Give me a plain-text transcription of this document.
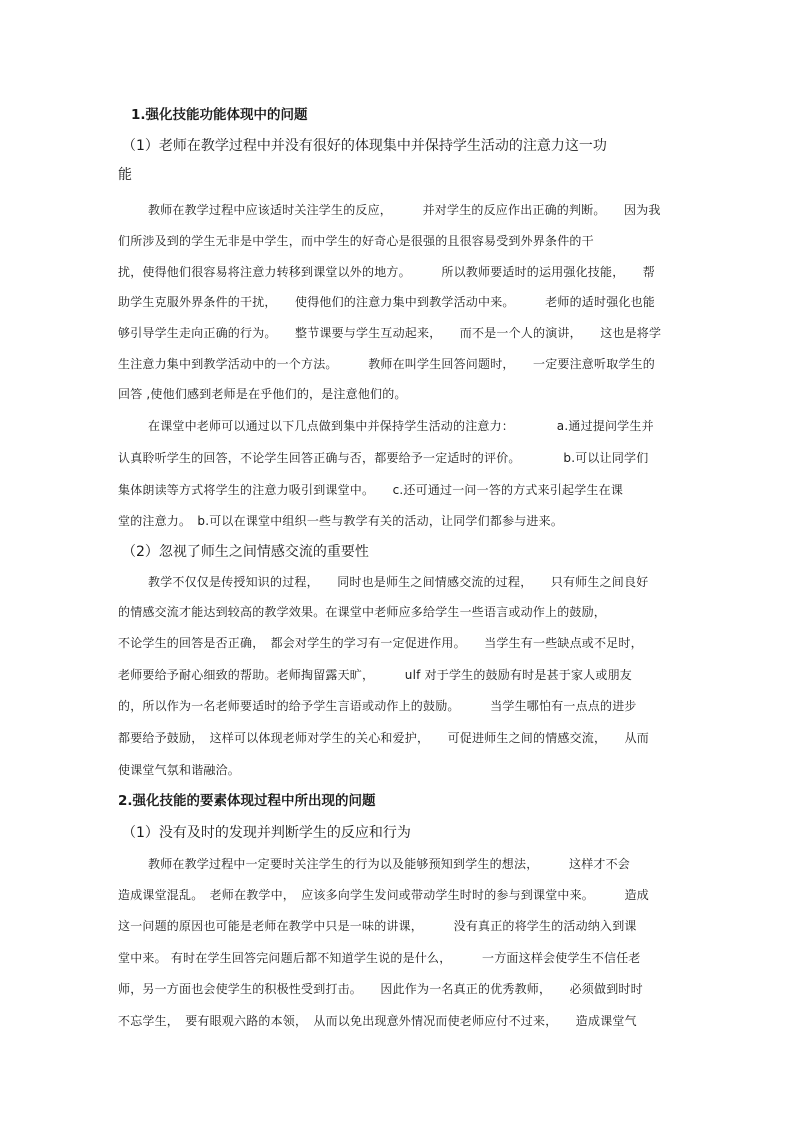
1.强化技能功能体现中的问题
（1）老师在教学过程中并没有很好的体现集中并保持学生活动的注意力这一功
能
教师在教学过程中应该适时关注学生的反应，　　　并对学生的反应作出正确的判断。　　因为我
们所涉及到的学生无非是中学生，而中学生的好奇心是很强的且很容易受到外界条件的干
扰，使得他们很容易将注意力转移到课堂以外的地方。　　　所以教师要适时的运用强化技能，　　帮
助学生克服外界条件的干扰，　　使得他们的注意力集中到教学活动中来。　　　老师的适时强化也能
够引导学生走向正确的行为。　　整节课要与学生互动起来，　　而不是一个人的演讲，　　这也是将学
生注意力集中到教学活动中的一个方法。　　　教师在叫学生回答问题时，　　一定要注意听取学生的
回答 ,使他们感到老师是在乎他们的，是注意他们的。
在课堂中老师可以通过以下几点做到集中并保持学生活动的注意力：　　　　a.通过提问学生并
认真聆听学生的回答，不论学生回答正确与否，都要给予一定适时的评价。　　　　b.可以让同学们
集体朗读等方式将学生的注意力吸引到课堂中。　　c.还可通过一问一答的方式来引起学生在课
堂的注意力。　b.可以在课堂中组织一些与教学有关的活动，让同学们都参与进来。
（2）忽视了师生之间情感交流的重要性
教学不仅仅是传授知识的过程，　　同时也是师生之间情感交流的过程，　　只有师生之间良好
的情感交流才能达到较高的教学效果。在课堂中老师应多给学生一些语言或动作上的鼓励，
不论学生的回答是否正确，　都会对学生的学习有一定促进作用。　　当学生有一些缺点或不足时，
老师要给予耐心细致的帮助。老师掏留露天旷，　　　ulf 对于学生的鼓励有时是甚于家人或朋友
的，所以作为一名老师要适时的给予学生言语或动作上的鼓励。　　　当学生哪怕有一点点的进步
都要给予鼓励，　这样可以体现老师对学生的关心和爱护，　　可促进师生之间的情感交流，　　从而
使课堂气氛和谐融洽。
2.强化技能的要素体现过程中所出现的问题
（1）没有及时的发现并判断学生的反应和行为
教师在教学过程中一定要时关注学生的行为以及能够预知到学生的想法，　　　这样才不会
造成课堂混乱。　老师在教学中，　应该多向学生发问或带动学生时时的参与到课堂中来。　　　造成
这一问题的原因也可能是老师在教学中只是一味的讲课，　　　没有真正的将学生的活动纳入到课
堂中来。 有时在学生回答完问题后都不知道学生说的是什么，　　　一方面这样会使学生不信任老
师，另一方面也会使学生的积极性受到打击。　　因此作为一名真正的优秀教师，　　必须做到时时
不忘学生，　要有眼观六路的本领，　从而以免出现意外情况而使老师应付不过来，　　造成课堂气
